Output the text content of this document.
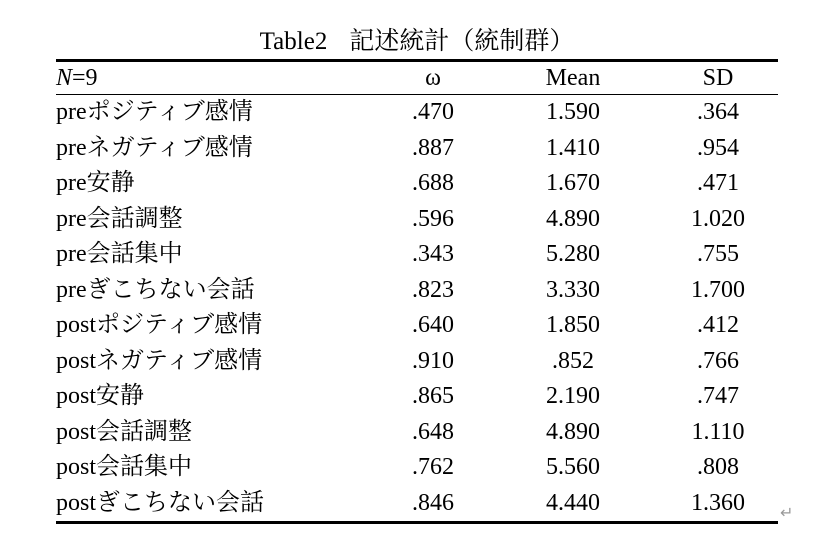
Table2 記述統計（統制群）
N=9	ω	Mean	SD
preポジティブ感情	.470	1.590	.364
preネガティブ感情	.887	1.410	.954
pre安静	.688	1.670	.471
pre会話調整	.596	4.890	1.020
pre会話集中	.343	5.280	.755
preぎこちない会話	.823	3.330	1.700
postポジティブ感情	.640	1.850	.412
postネガティブ感情	.910	.852	.766
post安静	.865	2.190	.747
post会話調整	.648	4.890	1.110
post会話集中	.762	5.560	.808
postぎこちない会話	.846	4.440	1.360 ↵
